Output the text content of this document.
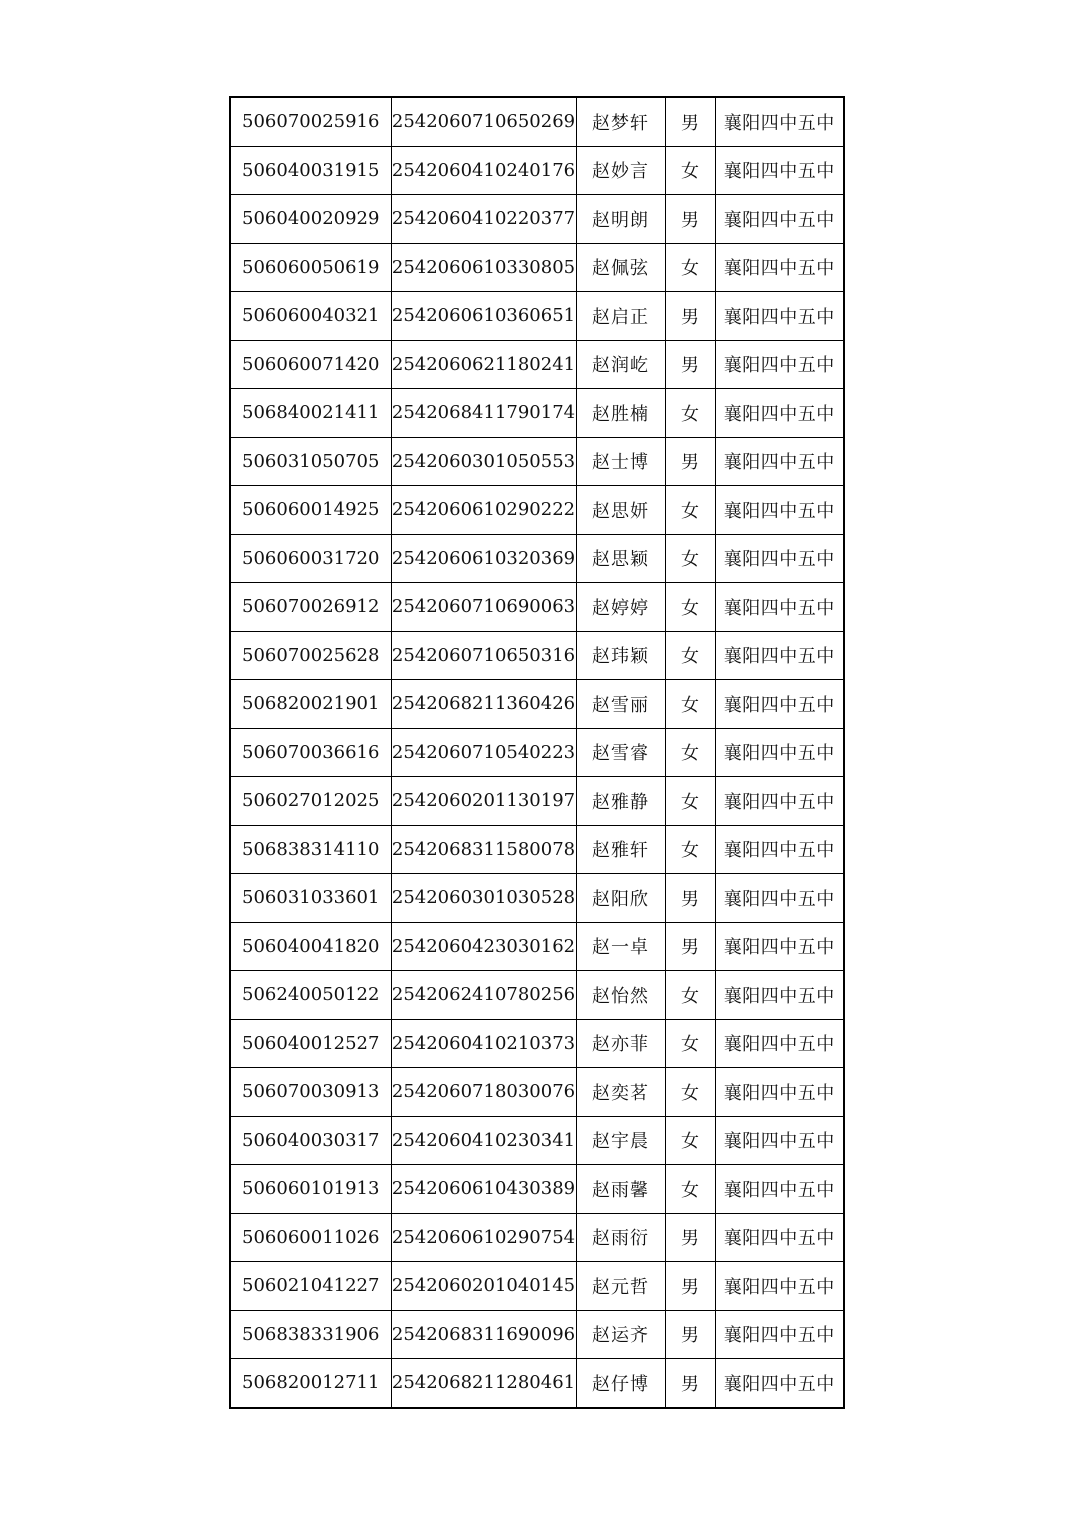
506070025916	2542060710650269	赵梦轩	男	襄阳四中五中
506040031915	2542060410240176	赵妙言	女	襄阳四中五中
506040020929	2542060410220377	赵明朗	男	襄阳四中五中
506060050619	2542060610330805	赵佩弦	女	襄阳四中五中
506060040321	2542060610360651	赵启正	男	襄阳四中五中
506060071420	2542060621180241	赵润屹	男	襄阳四中五中
506840021411	2542068411790174	赵胜楠	女	襄阳四中五中
506031050705	2542060301050553	赵士博	男	襄阳四中五中
506060014925	2542060610290222	赵思妍	女	襄阳四中五中
506060031720	2542060610320369	赵思颖	女	襄阳四中五中
506070026912	2542060710690063	赵婷婷	女	襄阳四中五中
506070025628	2542060710650316	赵玮颖	女	襄阳四中五中
506820021901	2542068211360426	赵雪丽	女	襄阳四中五中
506070036616	2542060710540223	赵雪睿	女	襄阳四中五中
506027012025	2542060201130197	赵雅静	女	襄阳四中五中
506838314110	2542068311580078	赵雅轩	女	襄阳四中五中
506031033601	2542060301030528	赵阳欣	男	襄阳四中五中
506040041820	2542060423030162	赵一卓	男	襄阳四中五中
506240050122	2542062410780256	赵怡然	女	襄阳四中五中
506040012527	2542060410210373	赵亦菲	女	襄阳四中五中
506070030913	2542060718030076	赵奕茗	女	襄阳四中五中
506040030317	2542060410230341	赵宇晨	女	襄阳四中五中
506060101913	2542060610430389	赵雨馨	女	襄阳四中五中
506060011026	2542060610290754	赵雨衍	男	襄阳四中五中
506021041227	2542060201040145	赵元哲	男	襄阳四中五中
506838331906	2542068311690096	赵运齐	男	襄阳四中五中
506820012711	2542068211280461	赵仔博	男	襄阳四中五中
